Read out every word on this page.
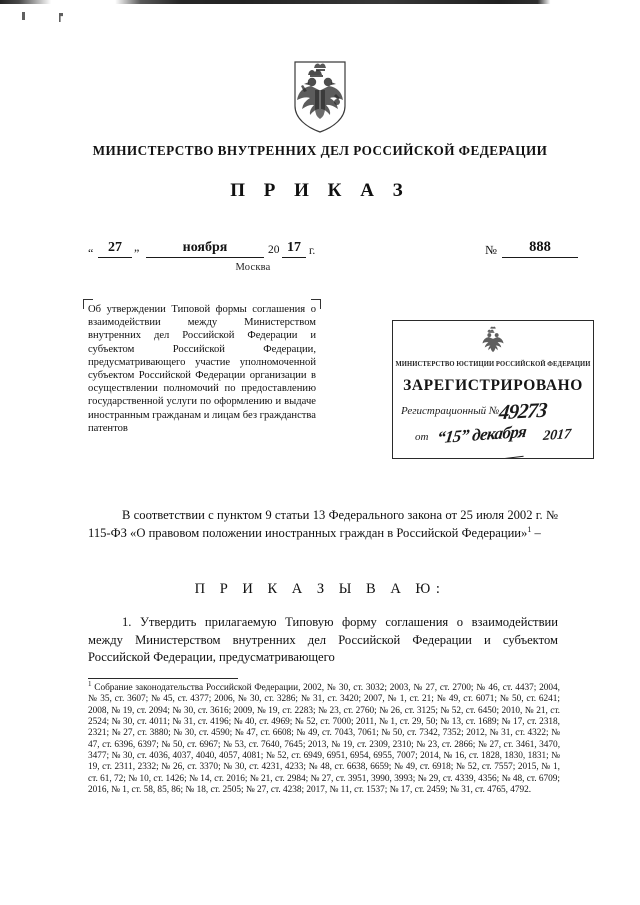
МИНИСТЕРСТВО ВНУТРЕННИХ ДЕЛ РОССИЙСКОЙ ФЕДЕРАЦИИ
П Р И К А З
“	27	”	ноября	20 17 г.
Москва
№	888
Об утверждении Типовой формы соглашения о взаимодействии между Министерством внутренних дел Российской Федерации и субъектом Российской Федерации, предусматривающего участие уполномоченной субъектом Российской Федерации организации в осуществлении полномочий по предоставлению государственной услуги по оформлению и выдаче иностранным гражданам и лицам без гражданства патентов
МИНИСТЕРСТВО ЮСТИЦИИ РОССИЙСКОЙ ФЕДЕРАЦИИ
ЗАРЕГИСТРИРОВАНО
Регистрационный №
49273
от “15” декабря 2017
В соответствии с пунктом 9 статьи 13 Федерального закона от 25 июля 2002 г. № 115-ФЗ «О правовом положении иностранных граждан в Российской Федерации»$^1$ –
П Р И К А З Ы В А Ю:
1. Утвердить прилагаемую Типовую форму соглашения о взаимодействии между Министерством внутренних дел Российской Федерации и субъектом Российской Федерации, предусматривающего
$^1$ Собрание законодательства Российской Федерации, 2002, № 30, ст. 3032; 2003, № 27, ст. 2700; № 46, ст. 4437; 2004, № 35, ст. 3607; № 45, ст. 4377; 2006, № 30, ст. 3286; № 31, ст. 3420; 2007, № 1, ст. 21; № 49, ст. 6071; № 50, ст. 6241; 2008, № 19, ст. 2094; № 30, ст. 3616; 2009, № 19, ст. 2283; № 23, ст. 2760; № 26, ст. 3125; № 52, ст. 6450; 2010, № 21, ст. 2524; № 30, ст. 4011; № 31, ст. 4196; № 40, ст. 4969; № 52, ст. 7000; 2011, № 1, ст. 29, 50; № 13, ст. 1689; № 17, ст. 2318, 2321; № 27, ст. 3880; № 30, ст. 4590; № 47, ст. 6608; № 49, ст. 7043, 7061; № 50, ст. 7342, 7352; 2012, № 31, ст. 4322; № 47, ст. 6396, 6397; № 50, ст. 6967; № 53, ст. 7640, 7645; 2013, № 19, ст. 2309, 2310; № 23, ст. 2866; № 27, ст. 3461, 3470, 3477; № 30, ст. 4036, 4037, 4040, 4057, 4081; № 52, ст. 6949, 6951, 6954, 6955, 7007; 2014, № 16, ст. 1828, 1830, 1831; № 19, ст. 2311, 2332; № 26, ст. 3370; № 30, ст. 4231, 4233; № 48, ст. 6638, 6659; № 49, ст. 6918; № 52, ст. 7557; 2015, № 1, ст. 61, 72; № 10, ст. 1426; № 14, ст. 2016; № 21, ст. 2984; № 27, ст. 3951, 3990, 3993; № 29, ст. 4339, 4356; № 48, ст. 6709; 2016, № 1, ст. 58, 85, 86; № 18, ст. 2505; № 27, ст. 4238; 2017, № 11, ст. 1537; № 17, ст. 2459; № 31, ст. 4765, 4792.
